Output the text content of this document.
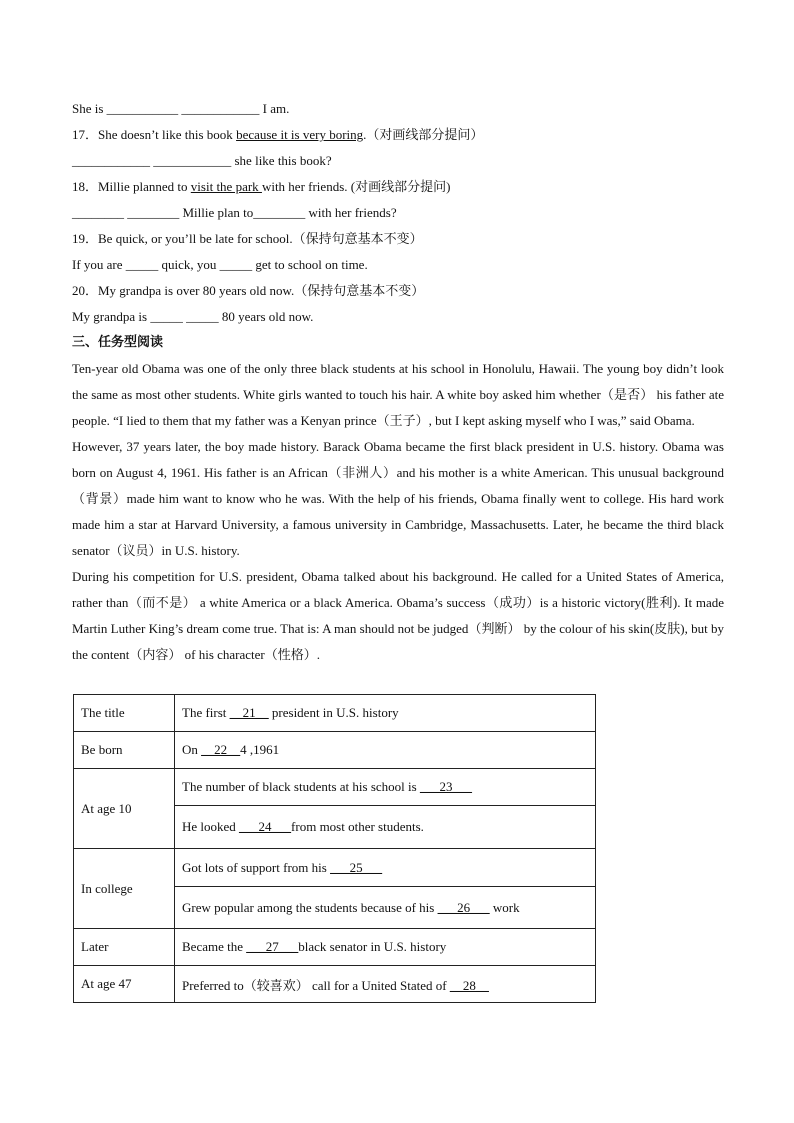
She is ___________ ____________ I am.
17．She doesn’t like this book because it is very boring.（对画线部分提问）
____________ ____________ she like this book?
18．Millie planned to visit the park with her friends. (对画线部分提问)
________ ________ Millie plan to________ with her friends?
19．Be quick, or you’ll be late for school.（保持句意基本不变）
If you are _____ quick, you _____ get to school on time.
20．My grandpa is over 80 years old now.（保持句意基本不变）
My grandpa is _____ _____ 80 years old now.
三、任务型阅读
Ten-year old Obama was one of the only three black students at his school in Honolulu, Hawaii. The young boy didn’t look the same as most other students. White girls wanted to touch his hair. A white boy asked him whether（是否） his father ate people. “I lied to them that my father was a Kenyan prince（王子）, but I kept asking myself who I was,” said Obama.
However, 37 years later, the boy made history. Barack Obama became the first black president in U.S. history. Obama was born on August 4, 1961. His father is an African（非洲人）and his mother is a white American. This unusual background （背景）made him want to know who he was. With the help of his friends, Obama finally went to college. His hard work made him a star at Harvard University, a famous university in Cambridge, Massachusetts. Later, he became the third black senator（议员）in U.S. history.
During his competition for U.S. president, Obama talked about his background. He called for a United States of America, rather than（而不是） a white America or a black America. Obama’s success（成功）is a historic victory(胜利). It made Martin Luther King’s dream come true. That is: A man should not be judged（判断） by the colour of his skin(皮肤), but by the content（内容） of his character（性格）.
The title	The first __21__ president in U.S. history
Be born	On __22__4 ,1961
At age 10	The number of black students at his school is ___23___
	He looked ___24___from most other students.
In college	Got lots of support from his ___25___
	Grew popular among the students because of his ___26___ work
Later	Became the ___27___black senator in U.S. history
At age 47	Preferred to（较喜欢） call for a United Stated of __28__
